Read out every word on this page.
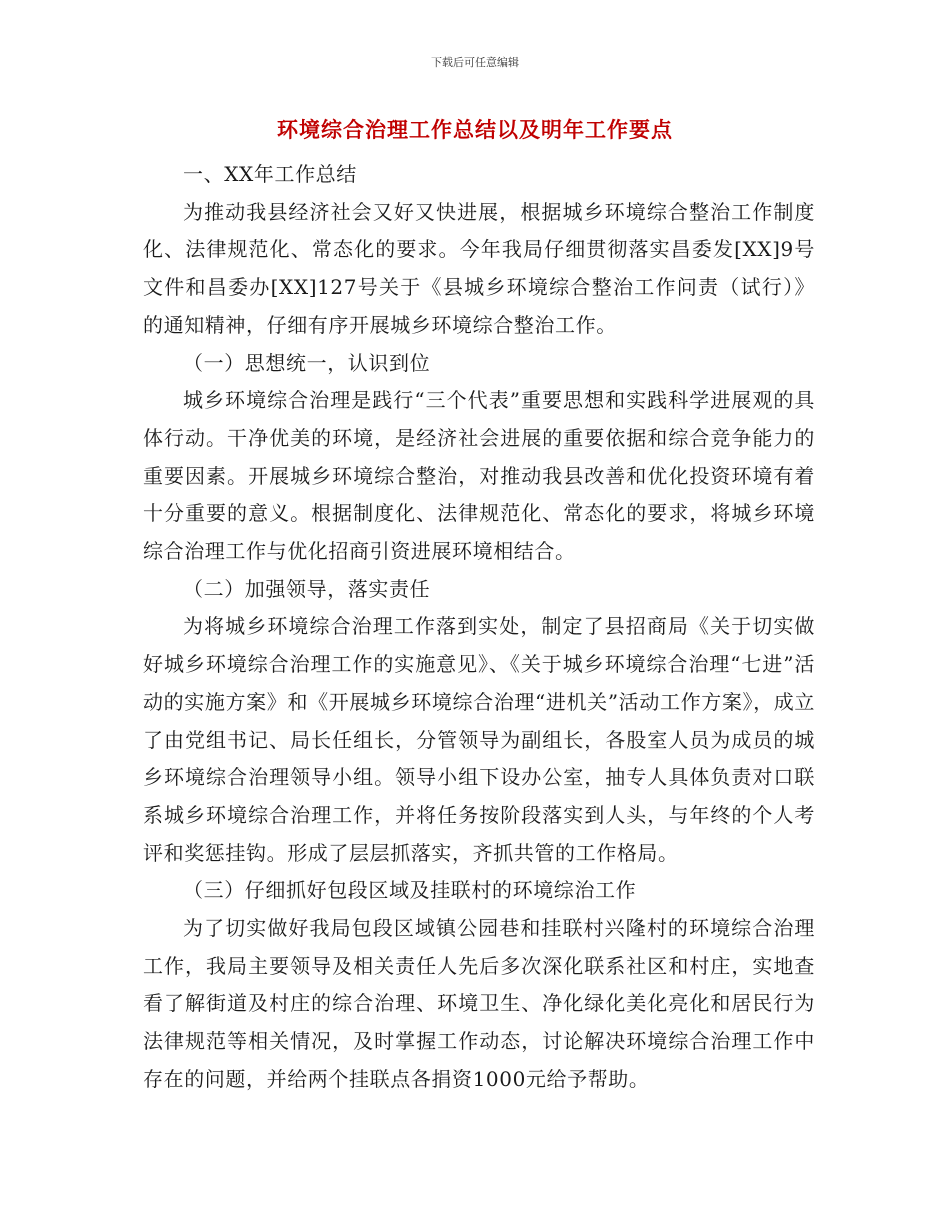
下载后可任意编辑
环境综合治理工作总结以及明年工作要点

一、XX年工作总结

为推动我县经济社会又好又快进展，根据城乡环境综合整治工作制度化、法律规范化、常态化的要求。今年我局仔细贯彻落实昌委发[XX]9号文件和昌委办[XX]127号关于《县城乡环境综合整治工作问责（试行）》的通知精神，仔细有序开展城乡环境综合整治工作。

（一）思想统一，认识到位

城乡环境综合治理是践行“三个代表”重要思想和实践科学进展观的具体行动。干净优美的环境，是经济社会进展的重要依据和综合竞争能力的重要因素。开展城乡环境综合整治，对推动我县改善和优化投资环境有着十分重要的意义。根据制度化、法律规范化、常态化的要求，将城乡环境综合治理工作与优化招商引资进展环境相结合。

（二）加强领导，落实责任

为将城乡环境综合治理工作落到实处，制定了县招商局《关于切实做好城乡环境综合治理工作的实施意见》、《关于城乡环境综合治理“七进”活动的实施方案》和《开展城乡环境综合治理“进机关”活动工作方案》，成立了由党组书记、局长任组长，分管领导为副组长，各股室人员为成员的城乡环境综合治理领导小组。领导小组下设办公室，抽专人具体负责对口联系城乡环境综合治理工作，并将任务按阶段落实到人头，与年终的个人考评和奖惩挂钩。形成了层层抓落实，齐抓共管的工作格局。

（三）仔细抓好包段区域及挂联村的环境综治工作

为了切实做好我局包段区域镇公园巷和挂联村兴隆村的环境综合治理工作，我局主要领导及相关责任人先后多次深化联系社区和村庄，实地查看了解街道及村庄的综合治理、环境卫生、净化绿化美化亮化和居民行为法律规范等相关情况，及时掌握工作动态，讨论解决环境综合治理工作中存在的问题，并给两个挂联点各捐资1000元给予帮助。
